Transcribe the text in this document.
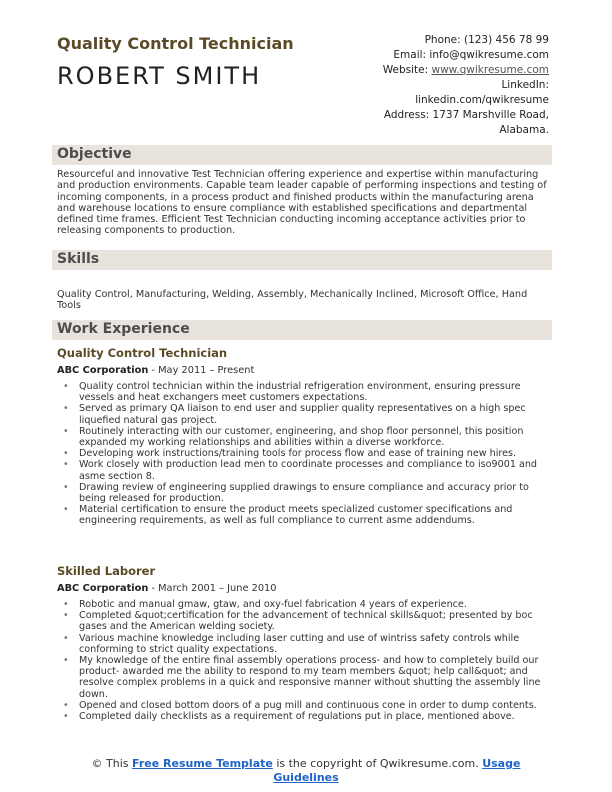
Quality Control Technician
ROBERT SMITH
Phone: (123) 456 78 99
Email: info@qwikresume.com
Website: www.qwikresume.com
LinkedIn:
linkedin.com/qwikresume
Address: 1737 Marshville Road,
Alabama.
Objective
Resourceful and innovative Test Technician offering experience and expertise within manufacturing and production environments. Capable team leader capable of performing inspections and testing of incoming components, in a process product and finished products within the manufacturing arena and warehouse locations to ensure compliance with established specifications and departmental defined time frames. Efficient Test Technician conducting incoming acceptance activities prior to releasing components to production.
Skills
Quality Control, Manufacturing, Welding, Assembly, Mechanically Inclined, Microsoft Office, Hand Tools
Work Experience
Quality Control Technician
ABC Corporation - May 2011 – Present
• Quality control technician within the industrial refrigeration environment, ensuring pressure vessels and heat exchangers meet customers expectations.
• Served as primary QA liaison to end user and supplier quality representatives on a high spec liquefied natural gas project.
• Routinely interacting with our customer, engineering, and shop floor personnel, this position expanded my working relationships and abilities within a diverse workforce.
• Developing work instructions/training tools for process flow and ease of training new hires.
• Work closely with production lead men to coordinate processes and compliance to iso9001 and asme section 8.
• Drawing review of engineering supplied drawings to ensure compliance and accuracy prior to being released for production.
• Material certification to ensure the product meets specialized customer specifications and engineering requirements, as well as full compliance to current asme addendums.
Skilled Laborer
ABC Corporation - March 2001 – June 2010
• Robotic and manual gmaw, gtaw, and oxy-fuel fabrication 4 years of experience.
• Completed &quot;certification for the advancement of technical skills&quot; presented by boc gases and the American welding society.
• Various machine knowledge including laser cutting and use of wintriss safety controls while conforming to strict quality expectations.
• My knowledge of the entire final assembly operations process- and how to completely build our product- awarded me the ability to respond to my team members &quot; help call&quot; and resolve complex problems in a quick and responsive manner without shutting the assembly line down.
• Opened and closed bottom doors of a pug mill and continuous cone in order to dump contents.
• Completed daily checklists as a requirement of regulations put in place, mentioned above.
© This Free Resume Template is the copyright of Qwikresume.com. Usage
Guidelines
